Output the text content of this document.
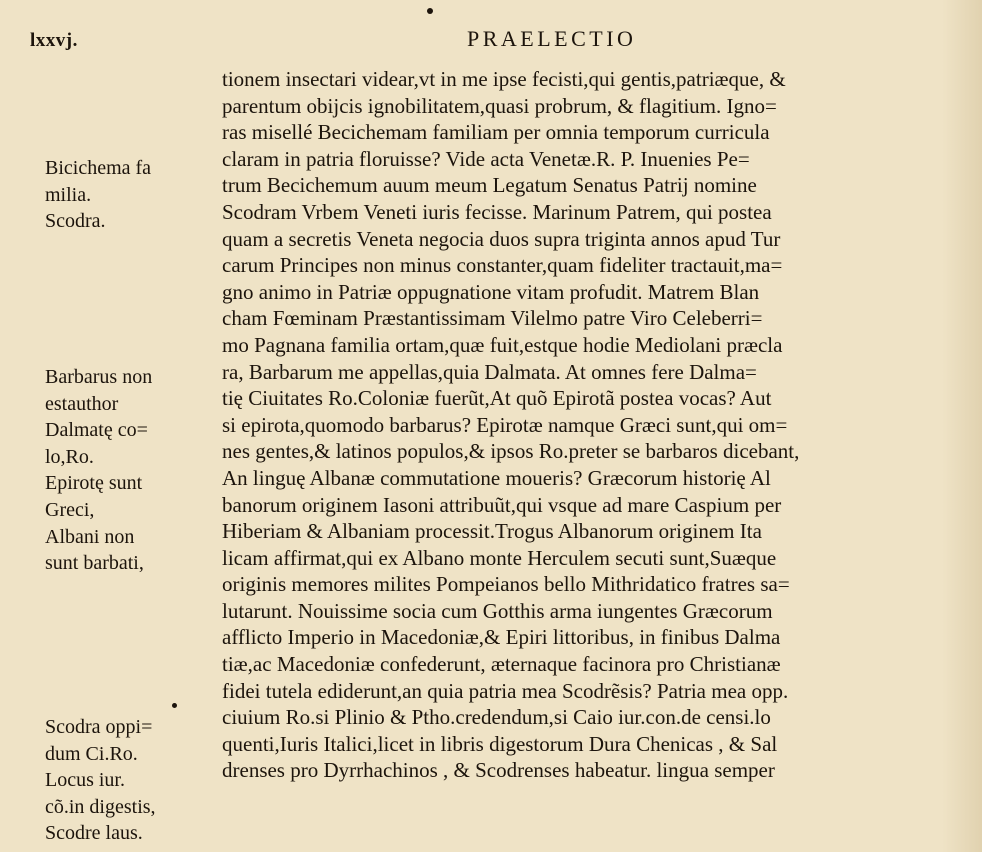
lxxvj.	PRAELECTIO
tionem insectari videar,vt in me ipse fecisti,qui gentis,patriæque, &
parentum obijcis ignobilitatem,quasi probrum, & flagitium. Igno=
ras misellé Becichemam familiam per omnia temporum curricula
claram in patria floruisse? Vide acta Venetæ.R. P. Inuenies Pe=
trum Becichemum auum meum Legatum Senatus Patrij nomine
Scodram Vrbem Veneti iuris fecisse. Marinum Patrem, qui postea
quam a secretis Veneta negocia duos supra triginta annos apud Tur
carum Principes non minus constanter,quam fideliter tractauit,ma=
gno animo in Patriæ oppugnatione vitam profudit. Matrem Blan
cham Fœminam Præstantissimam Vilelmo patre Viro Celeberri=
mo Pagnana familia ortam,quæ fuit,estque hodie Mediolani præcla
ra, Barbarum me appellas,quia Dalmata. At omnes fere Dalma=
tię Ciuitates Ro.Coloniæ fuerũt,At quõ Epirotã postea vocas? Aut
si epirota,quomodo barbarus? Epirotæ namque Græci sunt,qui om=
nes gentes,& latinos populos,& ipsos Ro.preter se barbaros dicebant,
An linguę Albanæ commutatione moueris? Græcorum historię Al
banorum originem Iasoni attribuũt,qui vsque ad mare Caspium per
Hiberiam & Albaniam processit.Trogus Albanorum originem Ita
licam affirmat,qui ex Albano monte Herculem secuti sunt,Suæque
originis memores milites Pompeianos bello Mithridatico fratres sa=
lutarunt. Nouissime socia cum Gotthis arma iungentes Græcorum
afflicto Imperio in Macedoniæ,& Epiri littoribus, in finibus Dalma
tiæ,ac Macedoniæ confederunt, æternaque facinora pro Christianæ
fidei tutela ediderunt,an quia patria mea Scodrẽsis? Patria mea opp.
ciuium Ro.si Plinio & Ptho.credendum,si Caio iur.con.de censi.lo
quenti,Iuris Italici,licet in libris digestorum Dura Chenicas , & Sal
drenses pro Dyrrhachinos , & Scodrenses habeatur. lingua semper
Bicichema fa
milia.
Scodra.
Barbarus non
estauthor
Dalmatę co=
lo,Ro.
Epirotę sunt
Greci,
Albani non
sunt barbati,
Scodra oppi=
dum Ci.Ro.
Locus iur.
cõ.in digestis,
Scodre laus.
